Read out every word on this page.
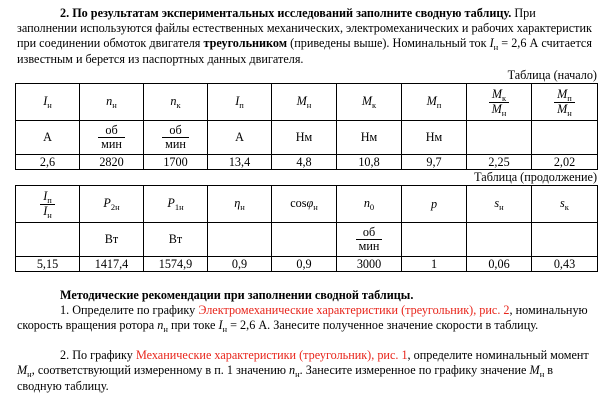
2. По результатам экспериментальных исследований заполните сводную таблицу. При заполнении используются файлы естественных механических, электромеханических и рабочих характеристик при соединении обмоток двигателя треугольником (приведены выше). Номинальный ток $I_н = 2,6$ А считается известным и берется из паспортных данных двигателя.

Таблица (начало)
$I_н$	$n_н$	$n_к$	$I_п$	$M_н$	$M_к$	$M_п$	$\frac{M_к}{M_н}$	$\frac{M_п}{M_н}$

А	$\frac{об}{\text{мин}}$	$\frac{об}{\text{мин}}$	А	Нм	Нм	Нм		
2,6	2820	1700	13,4	4,8	10,8	9,7	2,25	2,02
Таблица (продолжение)
$\frac{I_п}{I_н}$	$P_{2н}$	$P_{1н}$	$\eta_н$	cosφ$_н$	$n_0$	p	$s_н$	$s_к$
	Вт	Вт			$\frac{об}{\text{мин}}$

5,15	1417,4	1574,9	0,9	0,9	3000	1	0,06	0,43

Методические рекомендации при заполнении сводной таблицы.

1. Определите по графику Электромеханические характеристики (треугольник), рис. 2, номинальную скорость вращения ротора $n_н$ при токе $I_н = 2,6$ А. Занесите полученное значение скорости в таблицу.

2. По графику Механические характеристики (треугольник), рис. 1, определите номинальный момент $M_н$, соответствующий измеренному в п. 1 значению $n_н$. Занесите измеренное по графику значение $M_н$ в сводную таблицу.
